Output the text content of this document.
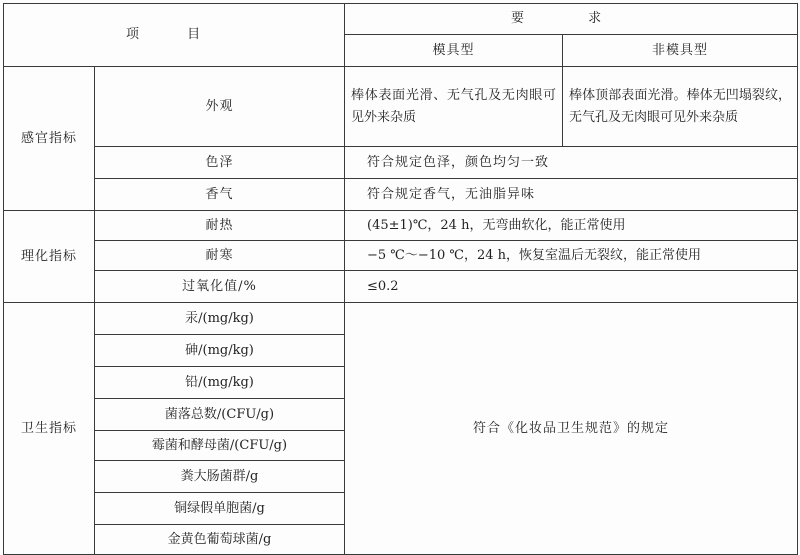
项 目		要 求	
		模具型	非模具型
感官指标	外观	棒体表面光滑、无气孔及无肉眼可见外来杂质	棒体顶部表面光滑。棒体无凹塌裂纹，无气孔及无肉眼可见外来杂质
	色泽	符合规定色泽，颜色均匀一致	
	香气	符合规定香气，无油脂异味	
理化指标	耐热	(45±1)℃，24 h，无弯曲软化，能正常使用	
	耐寒	−5 ℃～−10 ℃，24 h，恢复室温后无裂纹，能正常使用	
	过氧化值/%	≤0.2	
卫生指标	汞/(mg/kg)	符合《化妆品卫生规范》的规定	
	砷/(mg/kg)		
	铅/(mg/kg)		
	菌落总数/(CFU/g)		
	霉菌和酵母菌/(CFU/g)		
	粪大肠菌群/g		
	铜绿假单胞菌/g		
	金黄色葡萄球菌/g		
